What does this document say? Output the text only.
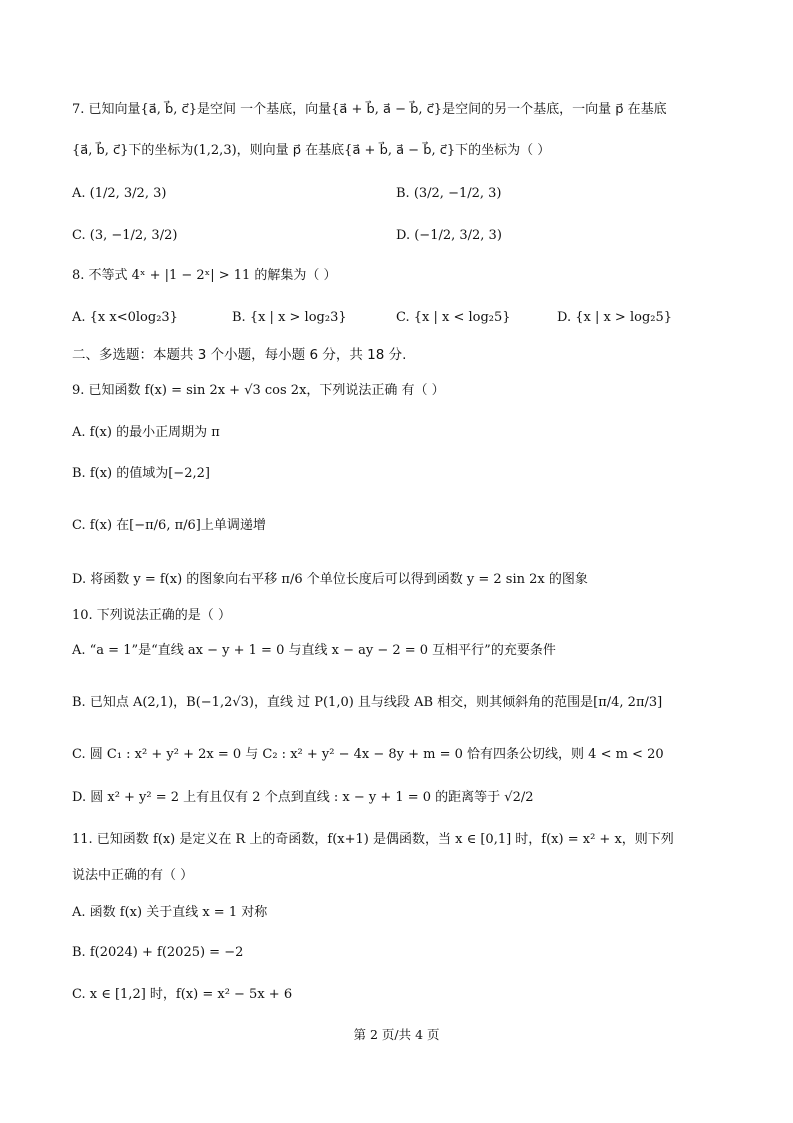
7. 已知向量{a⃗, b⃗, c⃗}是空间 一个基底，向量{a⃗ + b⃗, a⃗ − b⃗, c⃗}是空间的另一个基底，一向量 p⃗ 在基底
{a⃗, b⃗, c⃗}下的坐标为(1,2,3)，则向量 p⃗ 在基底{a⃗ + b⃗, a⃗ − b⃗, c⃗}下的坐标为（ ）
A. (1/2, 3/2, 3)	B. (3/2, −1/2, 3)
C. (3, −1/2, 3/2)	D. (−1/2, 3/2, 3)
8. 不等式 4ˣ + |1 − 2ˣ| > 11 的解集为（ ）
A. {x x<0log₂3}	B. {x | x > log₂3}	C. {x | x < log₂5}	D. {x | x > log₂5}
二、多选题：本题共 3 个小题，每小题 6 分，共 18 分.
9. 已知函数 f(x) = sin 2x + √3 cos 2x，下列说法正确 有（ ）
A. f(x) 的最小正周期为 π
B. f(x) 的值域为[−2,2]
C. f(x) 在[−π/6, π/6]上单调递增
D. 将函数 y = f(x) 的图象向右平移 π/6 个单位长度后可以得到函数 y = 2 sin 2x 的图象
10. 下列说法正确的是（ ）
A. “a = 1”是“直线 ax − y + 1 = 0 与直线 x − ay − 2 = 0 互相平行”的充要条件
B. 已知点 A(2,1)，B(−1,2√3)，直线 过 P(1,0) 且与线段 AB 相交，则其倾斜角的范围是[π/4, 2π/3]
C. 圆 C₁ : x² + y² + 2x = 0 与 C₂ : x² + y² − 4x − 8y + m = 0 恰有四条公切线，则 4 < m < 20
D. 圆 x² + y² = 2 上有且仅有 2 个点到直线 : x − y + 1 = 0 的距离等于 √2/2
11. 已知函数 f(x) 是定义在 R 上的奇函数，f(x+1) 是偶函数，当 x ∈ [0,1] 时，f(x) = x² + x，则下列
说法中正确的有（ ）
A. 函数 f(x) 关于直线 x = 1 对称
B. f(2024) + f(2025) = −2
C. x ∈ [1,2] 时，f(x) = x² − 5x + 6
第 2 页/共 4 页
